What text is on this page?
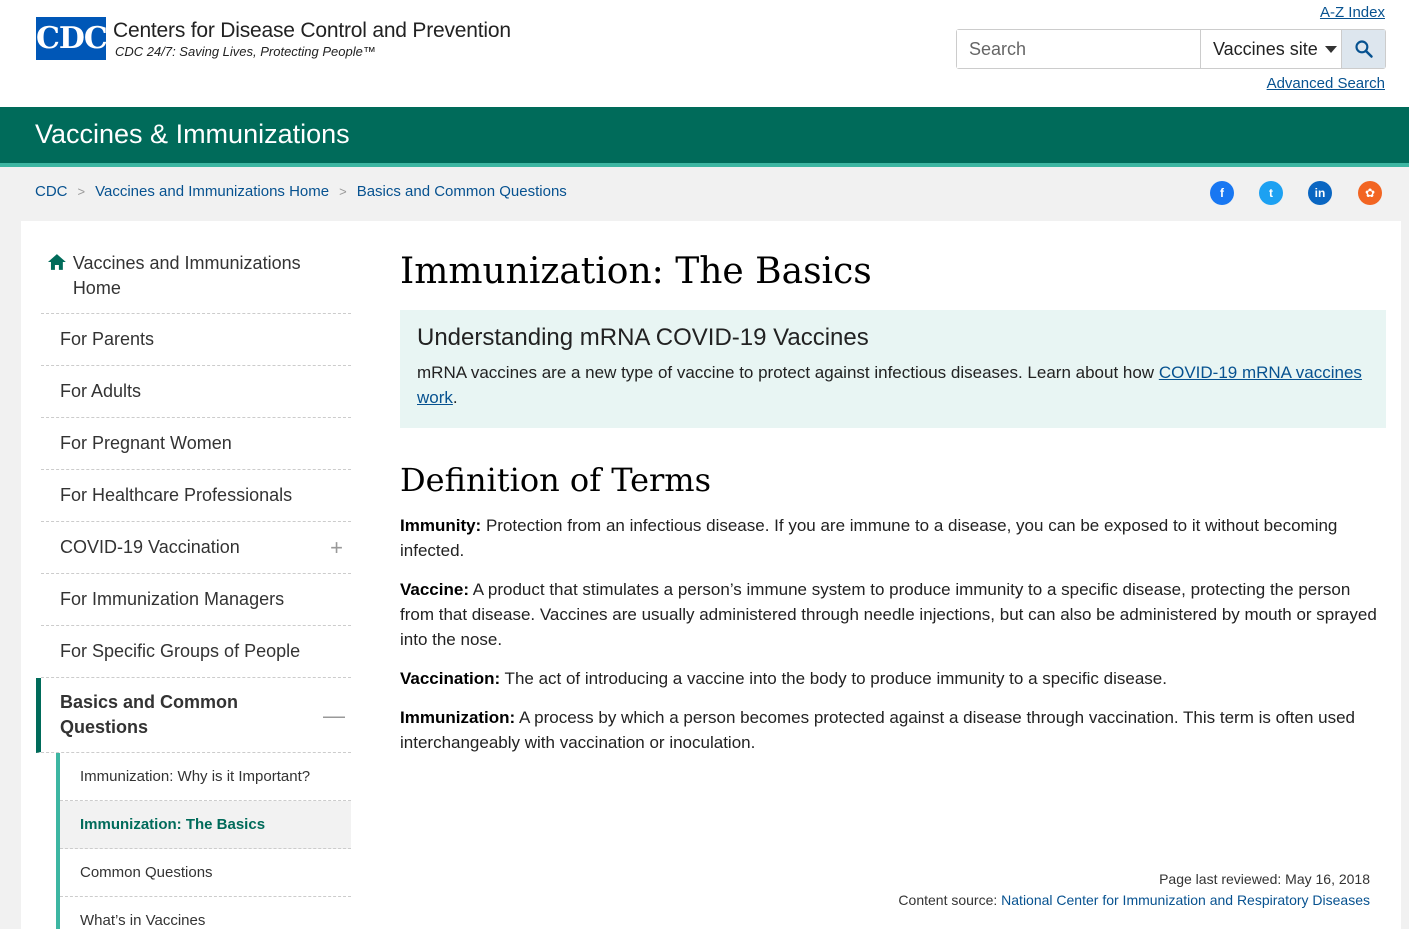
CDC Centers for Disease Control and Prevention
CDC 24/7: Saving Lives, Protecting People™
A-Z Index
Search
Vaccines site
Advanced Search
Vaccines & Immunizations
CDC > Vaccines and Immunizations Home > Basics and Common Questions	f	t	in	✿
Vaccines and Immunizations Home
For Parents
For Adults
For Pregnant Women
For Healthcare Professionals
COVID-19 Vaccination	+
For Immunization Managers
For Specific Groups of People
Basics and Common Questions	—
Immunization: Why is it Important?
Immunization: The Basics
Common Questions
What’s in Vaccines
Immunization: The Basics
Understanding mRNA COVID-19 Vaccines
mRNA vaccines are a new type of vaccine to protect against infectious diseases. Learn about how COVID-19 mRNA vaccines work.
Definition of Terms

Immunity: Protection from an infectious disease. If you are immune to a disease, you can be exposed to it without becoming infected.

Vaccine: A product that stimulates a person’s immune system to produce immunity to a specific disease, protecting the person from that disease. Vaccines are usually administered through needle injections, but can also be administered by mouth or sprayed into the nose.

Vaccination: The act of introducing a vaccine into the body to produce immunity to a specific disease.

Immunization: A process by which a person becomes protected against a disease through vaccination. This term is often used interchangeably with vaccination or inoculation.

Page last reviewed: May 16, 2018
Content source: National Center for Immunization and Respiratory Diseases
